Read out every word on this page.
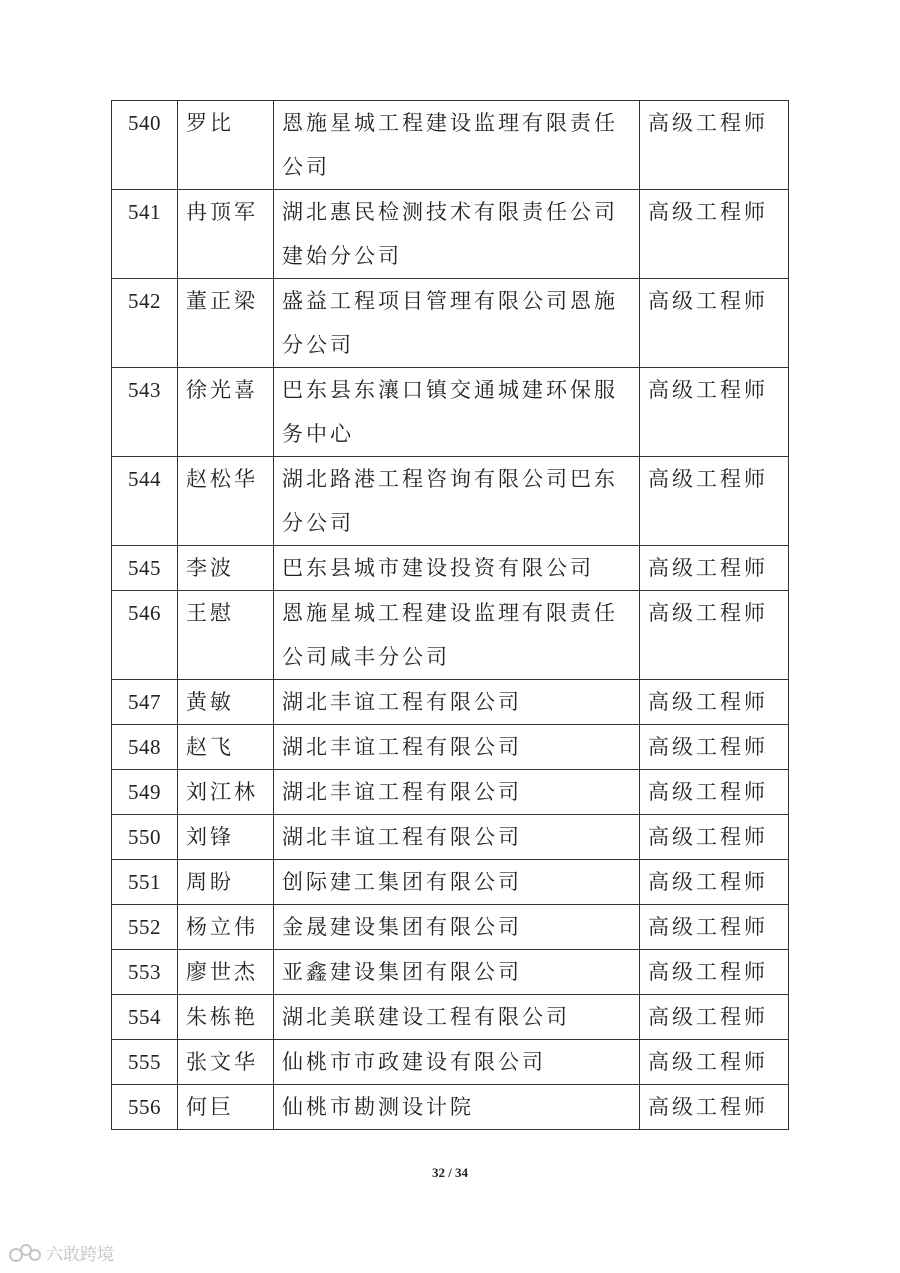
540	罗比	恩施星城工程建设监理有限责任公司	高级工程师
541	冉顶军	湖北惠民检测技术有限责任公司建始分公司	高级工程师
542	董正梁	盛益工程项目管理有限公司恩施分公司	高级工程师
543	徐光喜	巴东县东瀼口镇交通城建环保服务中心	高级工程师
544	赵松华	湖北路港工程咨询有限公司巴东分公司	高级工程师
545	李波	巴东县城市建设投资有限公司	高级工程师
546	王慰	恩施星城工程建设监理有限责任公司咸丰分公司	高级工程师
547	黄敏	湖北丰谊工程有限公司	高级工程师
548	赵飞	湖北丰谊工程有限公司	高级工程师
549	刘江林	湖北丰谊工程有限公司	高级工程师
550	刘锋	湖北丰谊工程有限公司	高级工程师
551	周盼	创际建工集团有限公司	高级工程师
552	杨立伟	金晟建设集团有限公司	高级工程师
553	廖世杰	亚鑫建设集团有限公司	高级工程师
554	朱栋艳	湖北美联建设工程有限公司	高级工程师
555	张文华	仙桃市市政建设有限公司	高级工程师
556	何巨	仙桃市勘测设计院	高级工程师
32 / 34
六敢跨境
